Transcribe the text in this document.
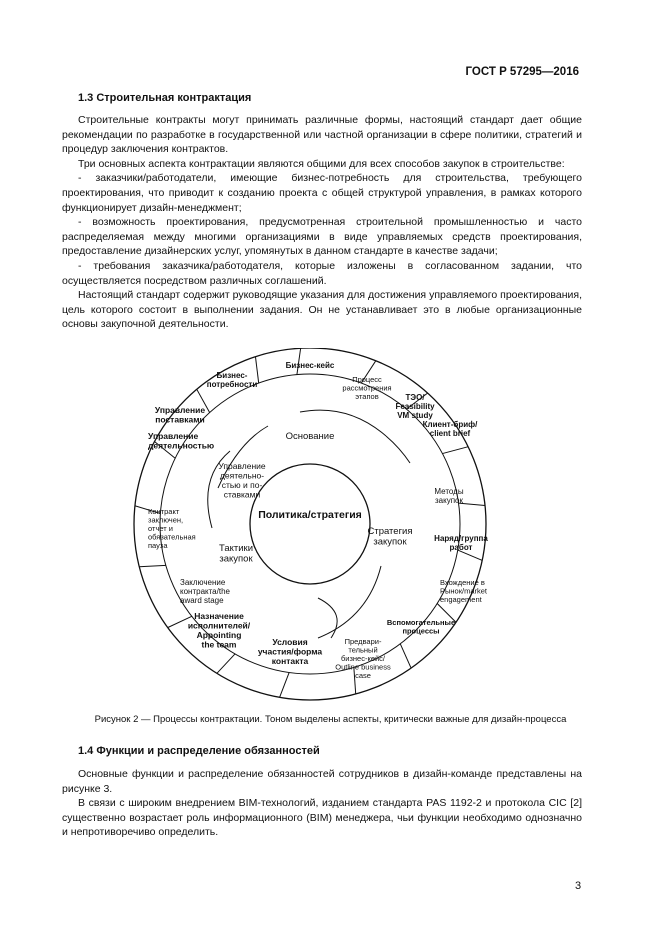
ГОСТ Р 57295—2016
1.3 Строительная контрактация

Строительные контракты могут принимать различные формы, настоящий стандарт дает общие рекомендации по разработке в государственной или частной организации в сфере политики, стратегий и процедур заключения контрактов.

Три основных аспекта контрактации являются общими для всех способов закупок в строительстве:

- заказчики/работодатели, имеющие бизнес-потребность для строительства, требующего проектирования, что приводит к созданию проекта с общей структурой управления, в рамках которого функционирует дизайн-менеджмент;

- возможность проектирования, предусмотренная строительной промышленностью и часто распределяемая между многими организациями в виде управляемых средств проектирования, предоставление дизайнерских услуг, упомянутых в данном стандарте в качестве задачи;

- требования заказчика/работодателя, которые изложены в согласованном задании, что осуществляется посредством различных соглашений.

Настоящий стандарт содержит руководящие указания для достижения управляемого проектирования, цель которого состоит в выполнении задания. Он не устанавливает это в любые организационные основы закупочной деятельности.

Политика/стратегия
Основание
Стратегия закупок
Тактики закупок
Управление деятельно-стью и по-ставками
Бизнес-кейс
Процесс рассмотрения этапов	ТЭО/ Feasibility VM study
Клиент-бриф/ client brief
Методы закупок
Наряд/группа работ
Вхождение в Рынок/market engagement
Вспомогательные процессы
Предвари-тельный бизнес-кейс/ Outline business case
Условия участия/форма контакта
Назначение исполнителей/ Appointing the team
Заключение контракта/the award stage
Контракт заключен, отчет и обязательная пауза
Управление деятельностью
Управление поставками
Бизнес-потребности
Рисунок 2 — Процессы контрактации. Тоном выделены аспекты, критически важные для дизайн-процесса
1.4 Функции и распределение обязанностей

Основные функции и распределение обязанностей сотрудников в дизайн-команде представлены на рисунке 3.

В связи с широким внедрением BIM-технологий, изданием стандарта PAS 1192-2 и протокола CIC [2] существенно возрастает роль информационного (BIM) менеджера, чьи функции необходимо однозначно и непротиворечиво определить.

3
